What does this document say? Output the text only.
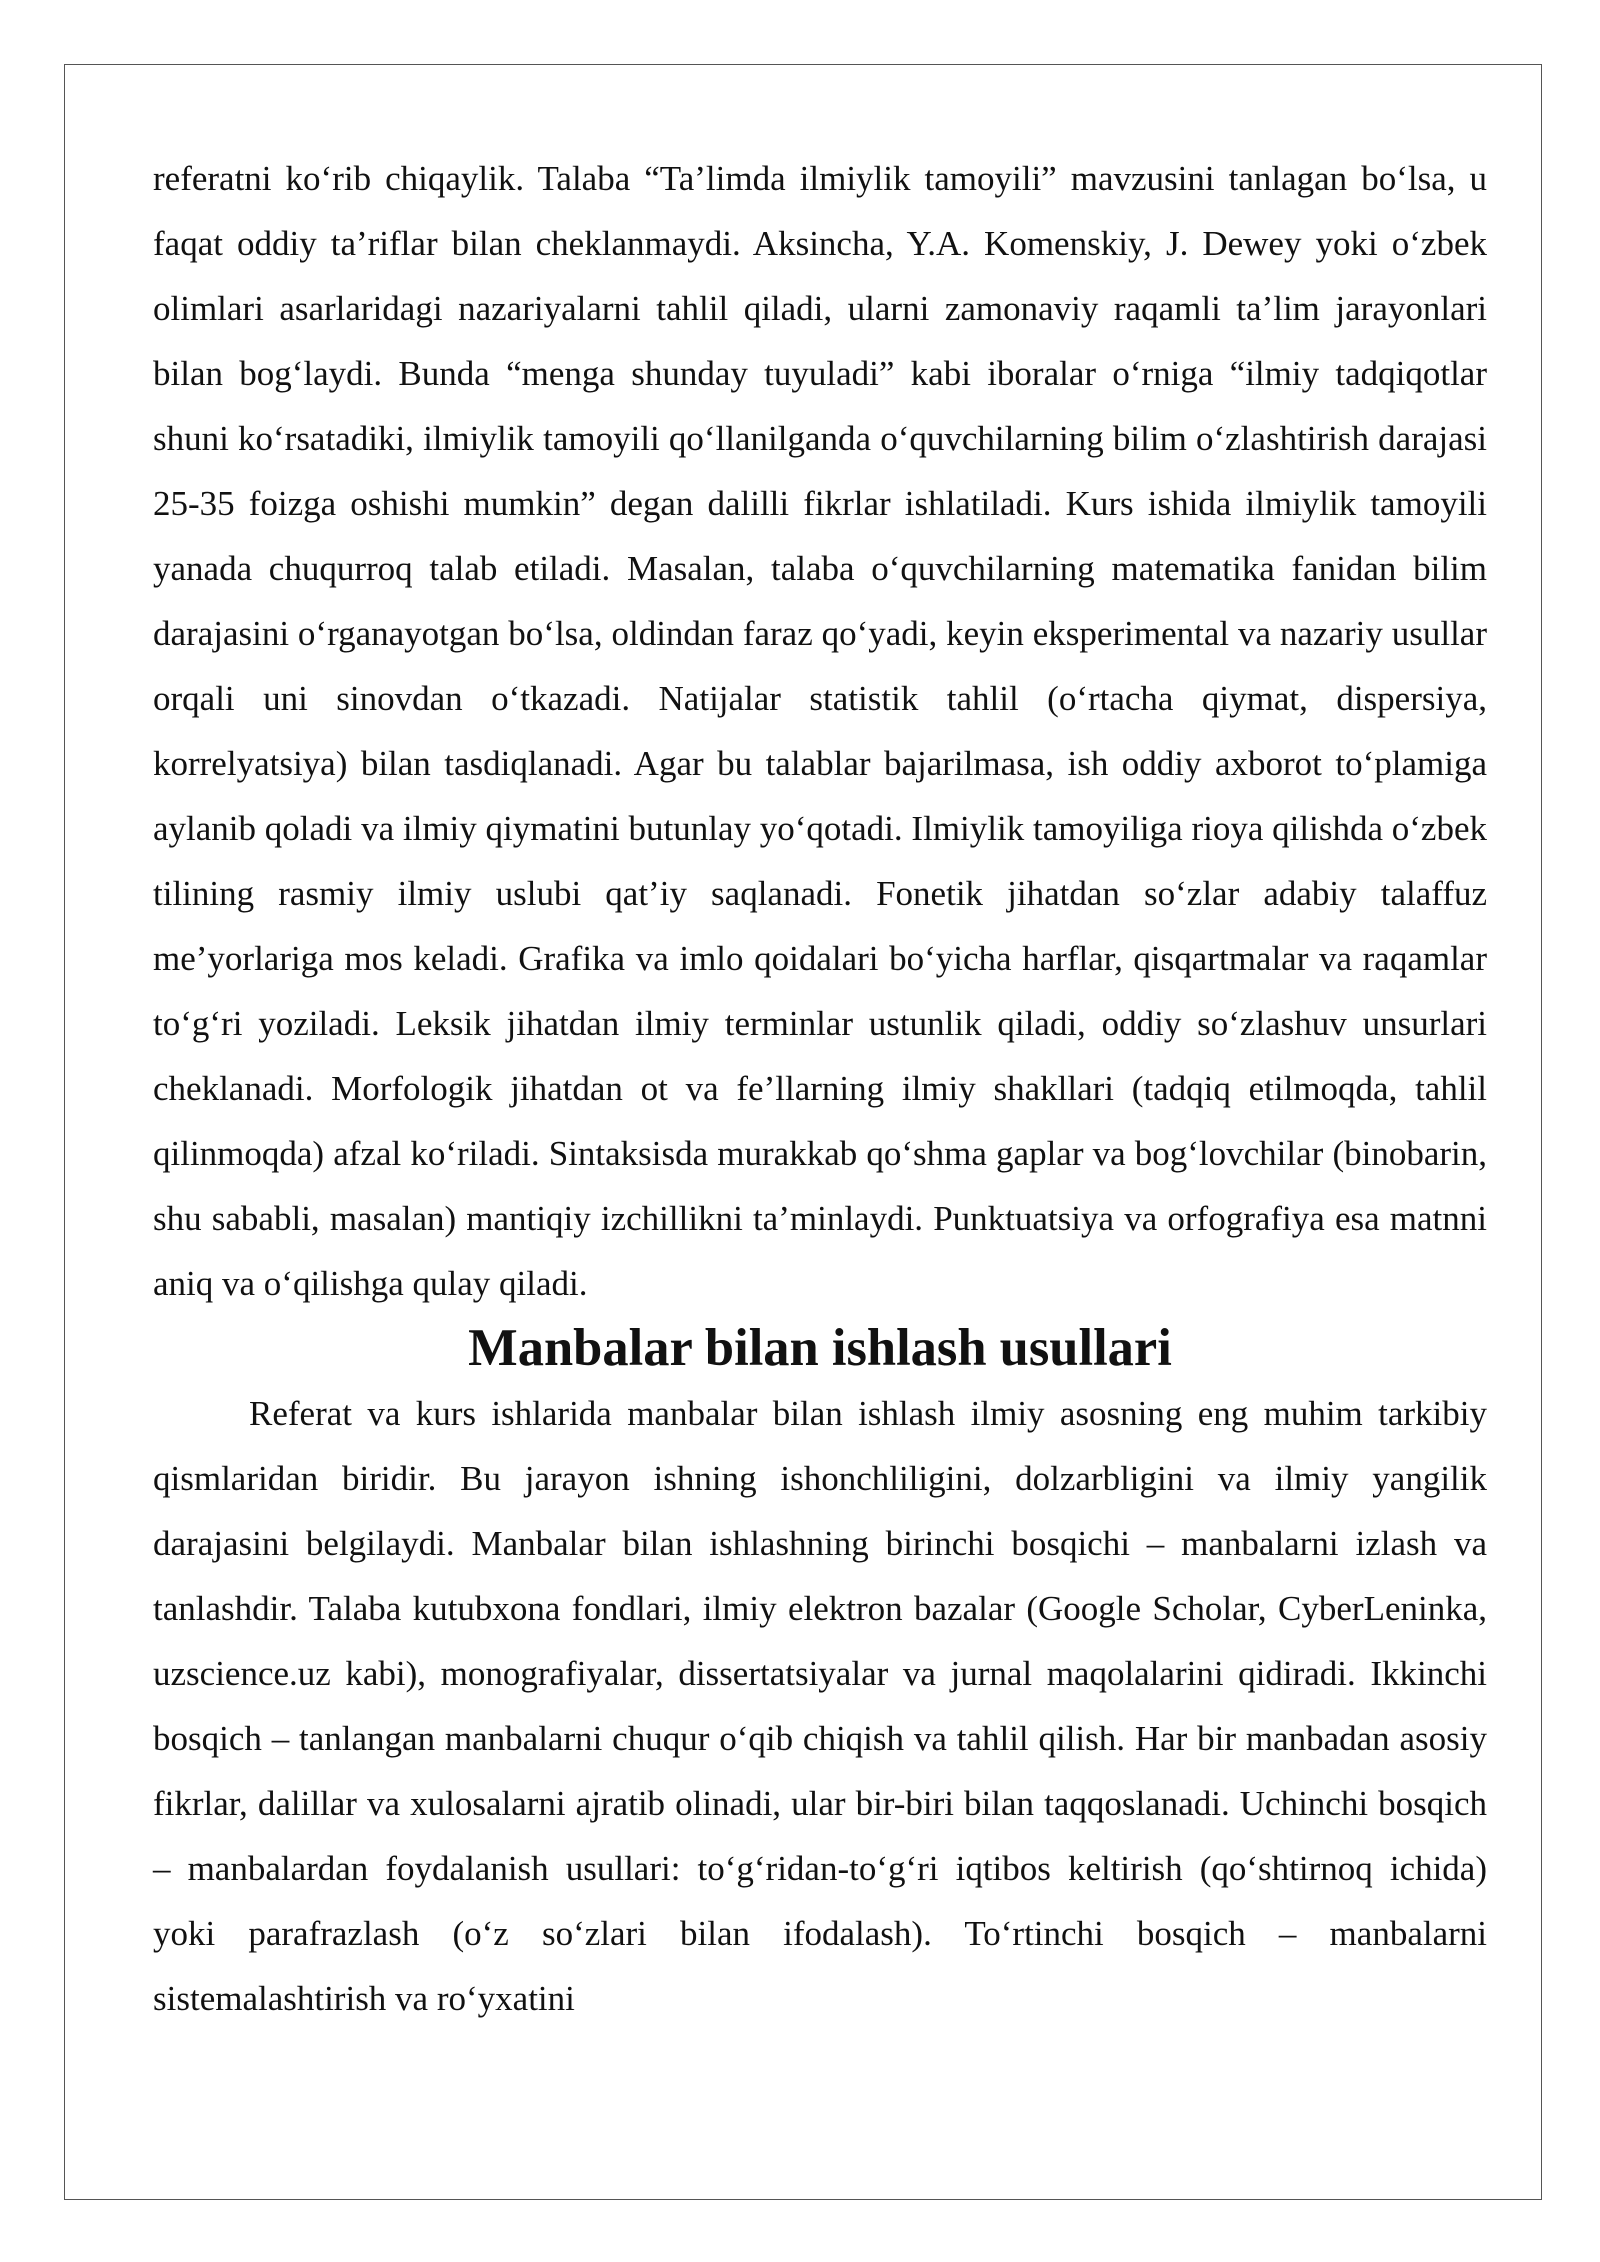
referatni ko‘rib chiqaylik. Talaba “Ta’limda ilmiylik tamoyili” mavzusini tanlagan bo‘lsa, u faqat oddiy ta’riflar bilan cheklanmaydi. Aksincha, Y.A. Komenskiy, J. Dewey yoki o‘zbek olimlari asarlaridagi nazariyalarni tahlil qiladi, ularni zamonaviy raqamli ta’lim jarayonlari bilan bog‘laydi. Bunda “menga shunday tuyuladi” kabi iboralar o‘rniga “ilmiy tadqiqotlar shuni ko‘rsatadiki, ilmiylik tamoyili qo‘llanilganda o‘quvchilarning bilim o‘zlashtirish darajasi 25-35 foizga oshishi mumkin” degan dalilli fikrlar ishlatiladi. Kurs ishida ilmiylik tamoyili yanada chuqurroq talab etiladi. Masalan, talaba o‘quvchilarning matematika fanidan bilim darajasini o‘rganayotgan bo‘lsa, oldindan faraz qo‘yadi, keyin eksperimental va nazariy usullar orqali uni sinovdan o‘tkazadi. Natijalar statistik tahlil (o‘rtacha qiymat, dispersiya, korrelyatsiya) bilan tasdiqlanadi. Agar bu talablar bajarilmasa, ish oddiy axborot to‘plamiga aylanib qoladi va ilmiy qiymatini butunlay yo‘qotadi. Ilmiylik tamoyiliga rioya qilishda o‘zbek tilining rasmiy ilmiy uslubi qat’iy saqlanadi. Fonetik jihatdan so‘zlar adabiy talaffuz me’yorlariga mos keladi. Grafika va imlo qoidalari bo‘yicha harflar, qisqartmalar va raqamlar to‘g‘ri yoziladi. Leksik jihatdan ilmiy terminlar ustunlik qiladi, oddiy so‘zlashuv unsurlari cheklanadi. Morfologik jihatdan ot va fe’llarning ilmiy shakllari (tadqiq etilmoqda, tahlil qilinmoqda) afzal ko‘riladi. Sintaksisda murakkab qo‘shma gaplar va bog‘lovchilar (binobarin, shu sababli, masalan) mantiqiy izchillikni ta’minlaydi. Punktuatsiya va orfografiya esa matnni aniq va o‘qilishga qulay qiladi.

Manbalar bilan ishlash usullari

Referat va kurs ishlarida manbalar bilan ishlash ilmiy asosning eng muhim tarkibiy qismlaridan biridir. Bu jarayon ishning ishonchliligini, dolzarbligini va ilmiy yangilik darajasini belgilaydi. Manbalar bilan ishlashning birinchi bosqichi – manbalarni izlash va tanlashdir. Talaba kutubxona fondlari, ilmiy elektron bazalar (Google Scholar, CyberLeninka, uzscience.uz kabi), monografiyalar, dissertatsiyalar va jurnal maqolalarini qidiradi. Ikkinchi bosqich – tanlangan manbalarni chuqur o‘qib chiqish va tahlil qilish. Har bir manbadan asosiy fikrlar, dalillar va xulosalarni ajratib olinadi, ular bir-biri bilan taqqoslanadi. Uchinchi bosqich – manbalardan foydalanish usullari: to‘g‘ridan-to‘g‘ri iqtibos keltirish (qo‘shtirnoq ichida) yoki parafrazlash (o‘z so‘zlari bilan ifodalash). To‘rtinchi bosqich – manbalarni sistemalashtirish va ro‘yxatini
